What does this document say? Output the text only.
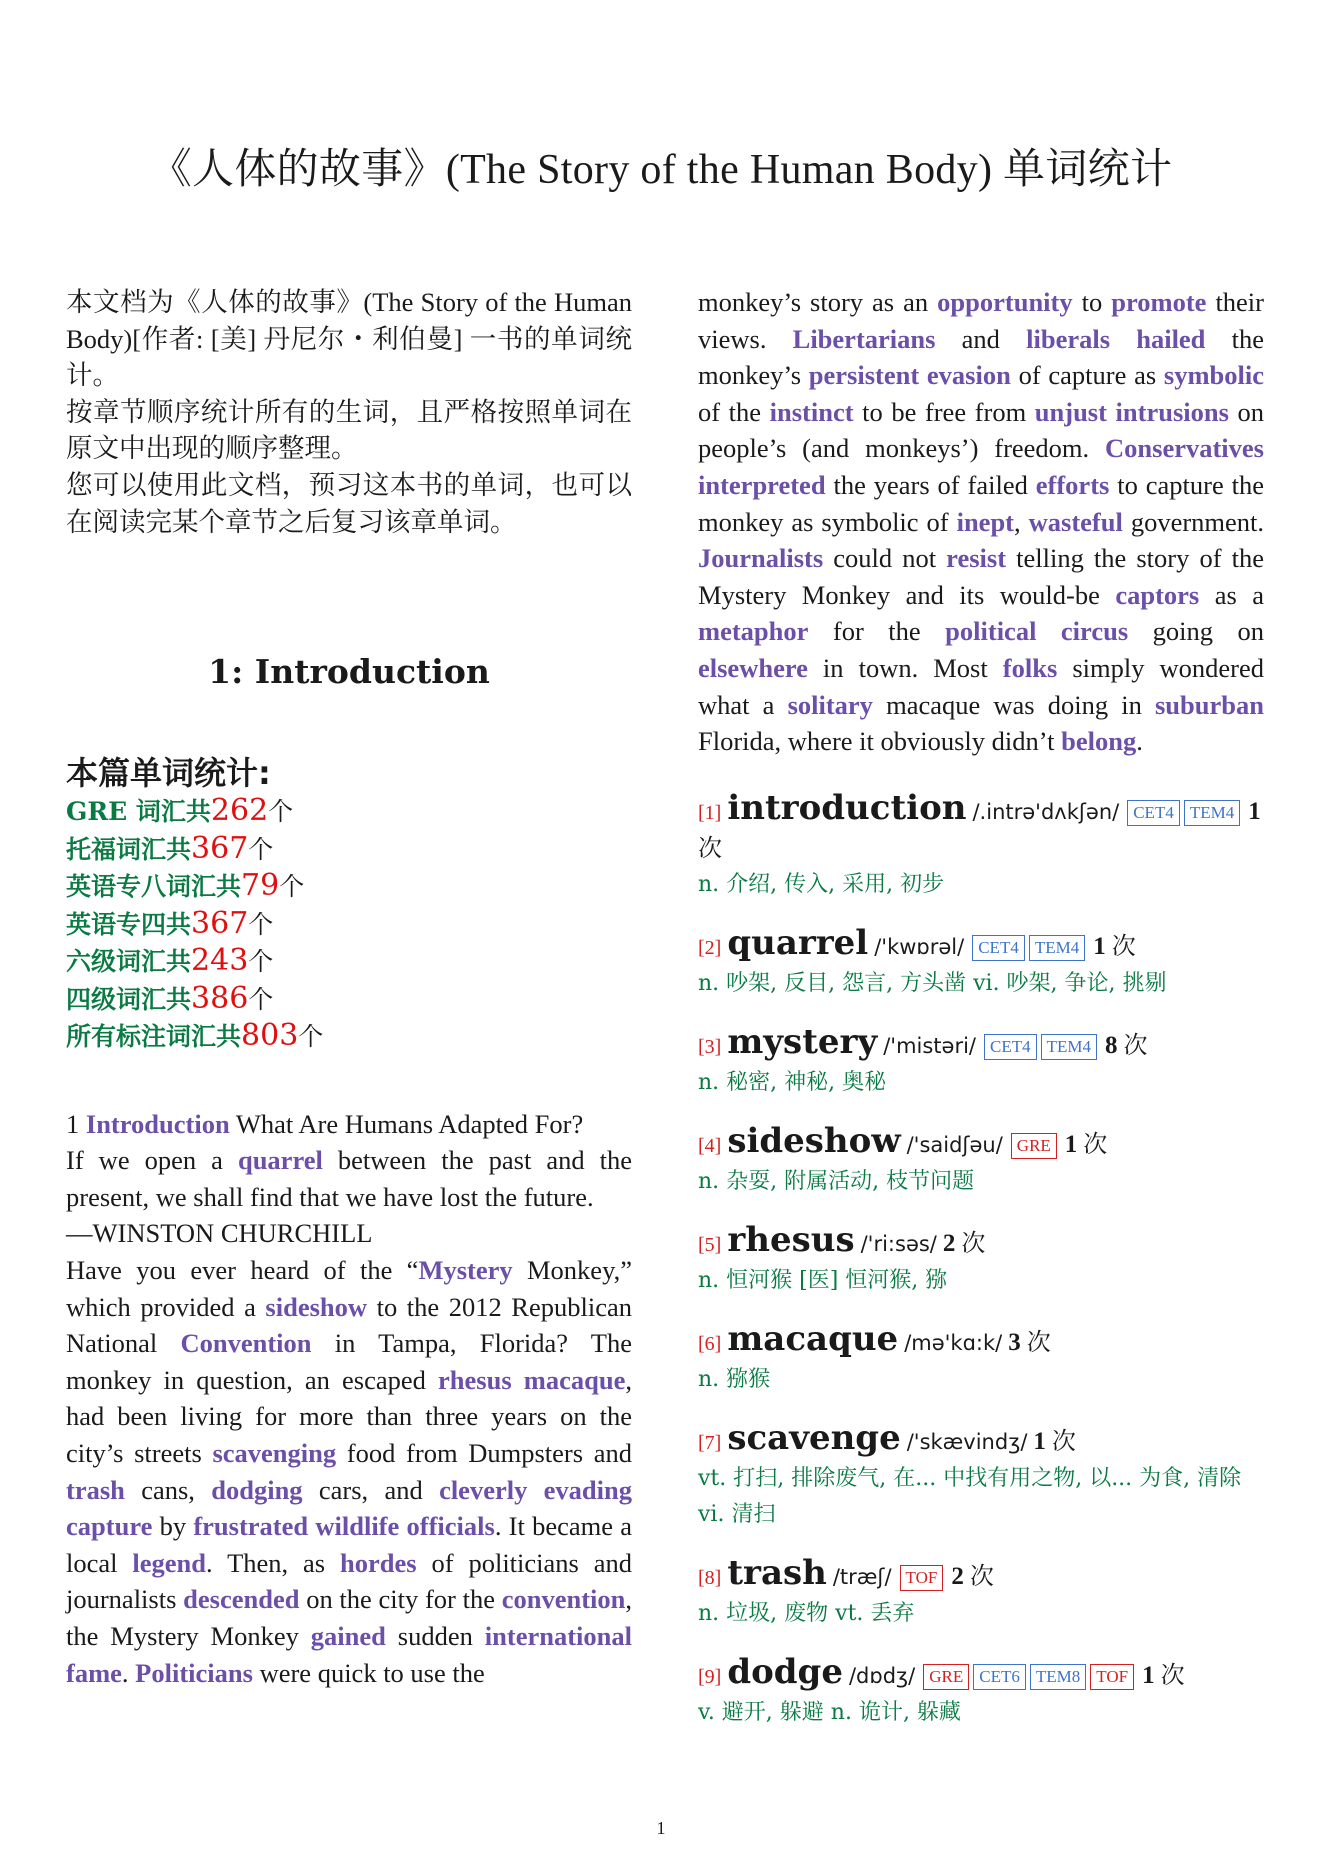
《人体的故事》(The Story of the Human Body) 单词统计

本文档为《人体的故事》(The Story of the Human Body)[作者: [美] 丹尼尔・利伯曼] 一书的单词统计。

按章节顺序统计所有的生词，且严格按照单词在原文中出现的顺序整理。

您可以使用此文档，预习这本书的单词，也可以在阅读完某个章节之后复习该章单词。

1: Introduction
本篇单词统计:
GRE 词汇共262个
托福词汇共367个
英语专八词汇共79个
英语专四共367个
六级词汇共243个
四级词汇共386个
所有标注词汇共803个
1 Introduction What Are Humans Adapted For?
If we open a quarrel between the past and the present, we shall find that we have lost the future.
—WINSTON CHURCHILL
Have you ever heard of the “Mystery Monkey,” which provided a sideshow to the 2012 Republican National Convention in Tampa, Florida? The monkey in question, an escaped rhesus macaque, had been living for more than three years on the city’s streets scavenging food from Dumpsters and trash cans, dodging cars, and cleverly evading capture by frustrated wildlife officials. It became a local legend. Then, as hordes of politicians and journalists descended on the city for the convention, the Mystery Monkey gained sudden international fame. Politicians were quick to use the
monkey’s story as an opportunity to promote their views. Libertarians and liberals hailed the monkey’s persistent evasion of capture as symbolic of the instinct to be free from unjust intrusions on people’s (and monkeys’) freedom. Conservatives interpreted the years of failed efforts to capture the monkey as symbolic of inept, wasteful government. Journalists could not resist telling the story of the Mystery Monkey and its would-be captors as a metaphor for the political circus going on elsewhere in town. Most folks simply wondered what a solitary macaque was doing in suburban Florida, where it obviously didn’t belong.
[1] introduction /.intrə'dʌkʃən/ CET4 TEM4 1 次
n. 介绍, 传入, 采用, 初步
[2] quarrel /'kwɒrəl/ CET4 TEM4 1 次
n. 吵架, 反目, 怨言, 方头凿 vi. 吵架, 争论, 挑剔
[3] mystery /'mistəri/ CET4 TEM4 8 次
n. 秘密, 神秘, 奥秘
[4] sideshow /'saidʃəu/ GRE 1 次
n. 杂耍, 附属活动, 枝节问题
[5] rhesus /'ri:səs/ 2 次
n. 恒河猴 [医] 恒河猴, 猕
[6] macaque /mə'kɑ:k/ 3 次
n. 猕猴
[7] scavenge /'skævindʒ/ 1 次
vt. 打扫, 排除废气, 在... 中找有用之物, 以... 为食, 清除 vi. 清扫
[8] trash /træʃ/ TOF 2 次
n. 垃圾, 废物 vt. 丢弃
[9] dodge /dɒdʒ/ GRE CET6 TEM8 TOF 1 次
v. 避开, 躲避 n. 诡计, 躲藏
1
